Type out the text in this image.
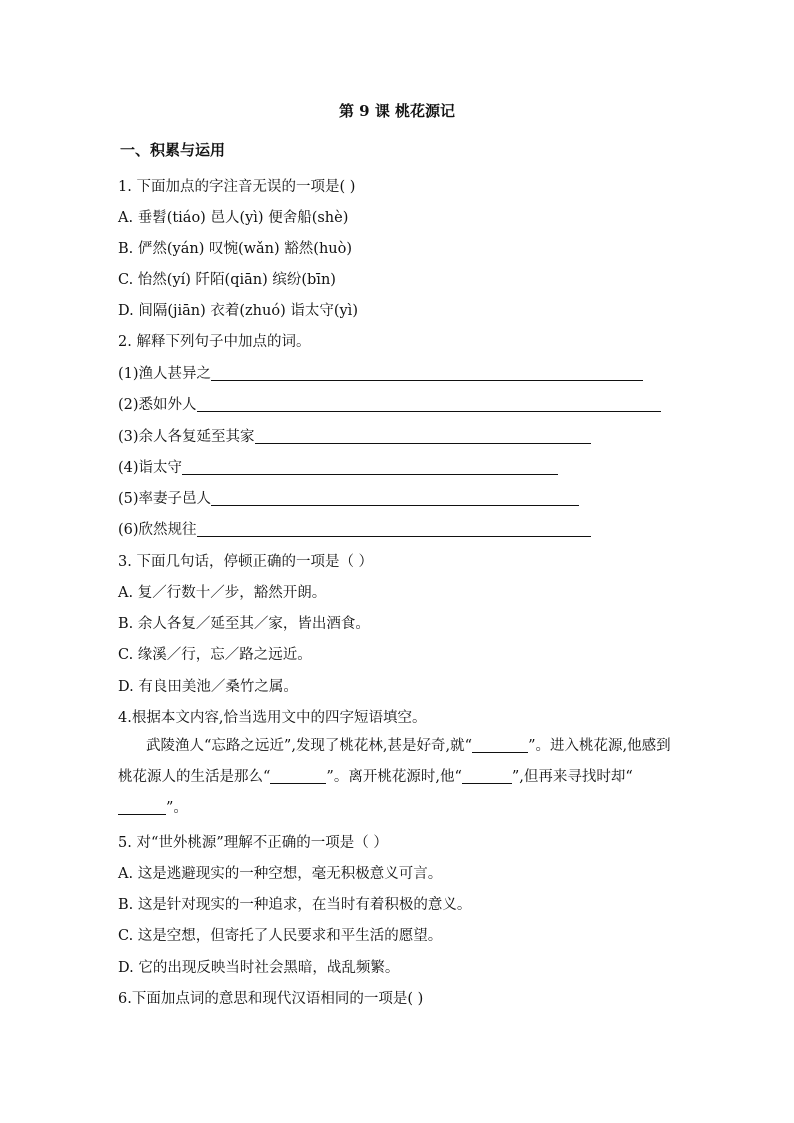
第 9 课 桃花源记
一、积累与运用
1. 下面加点的字注音无误的一项是( )
A. 垂髫(tiáo) 邑人(yì) 便舍船(shè)
B. 俨然(yán) 叹惋(wǎn) 豁然(huò)
C. 怡然(yí) 阡陌(qiān) 缤纷(bīn)
D. 间隔(jiān) 衣着(zhuó) 诣太守(yì)
2. 解释下列句子中加点的词。
(1)渔人甚异之
(2)悉如外人
(3)余人各复延至其家
(4)诣太守
(5)率妻子邑人
(6)欣然规往
3. 下面几句话，停顿正确的一项是（ ）
A. 复／行数十／步，豁然开朗。
B. 余人各复／延至其／家，皆出酒食。
C. 缘溪／行，忘／路之远近。
D. 有良田美池／桑竹之属。
4.根据本文内容,恰当选用文中的四字短语填空。
武陵渔人“忘路之远近”,发现了桃花林,甚是好奇,就“	”。进入桃花源,他感到桃花源人的生活是那么“	”。离开桃花源时,他“	”,但再来寻找时却“”。
5. 对“世外桃源”理解不正确的一项是（ ）
A. 这是逃避现实的一种空想，毫无积极意义可言。
B. 这是针对现实的一种追求，在当时有着积极的意义。
C. 这是空想，但寄托了人民要求和平生活的愿望。
D. 它的出现反映当时社会黑暗，战乱频繁。
6.下面加点词的意思和现代汉语相同的一项是( )
